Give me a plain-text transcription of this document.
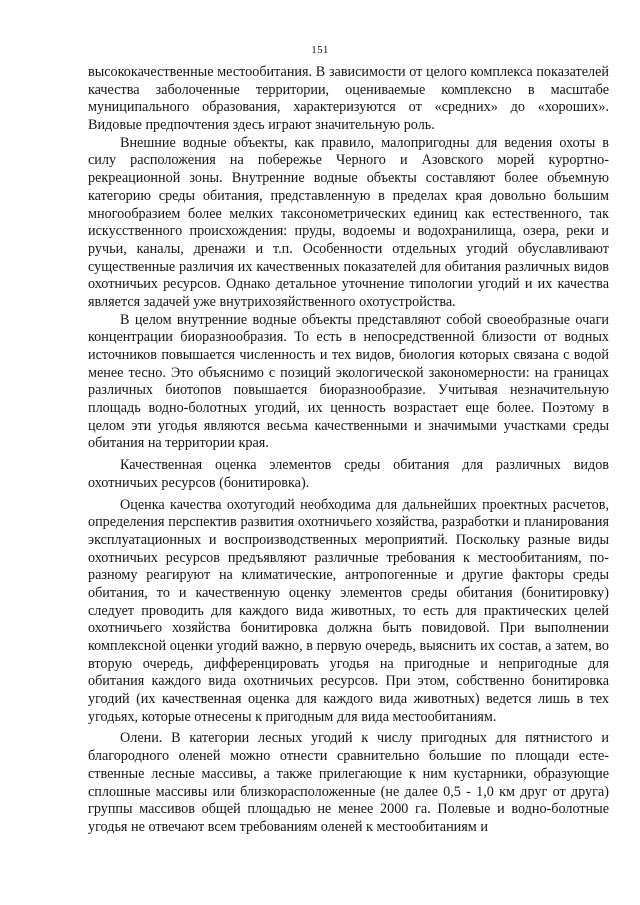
151

высококачественные местообитания. В зависимости от целого комплекса показателей качества заболоченные территории, оцениваемые комплексно в масштабе муниципального образования, характеризуются от «средних» до «хороших». Видовые предпочтения здесь играют значительную роль.

Внешние водные объекты, как правило, малопригодны для ведения охоты в силу расположения на побережье Черного и Азовского морей курортно-рекреационной зоны. Внутренние водные объекты составляют более объемную категорию среды обитания, представленную в пределах края довольно большим многообразием более мелких таксонометрических единиц как естественного, так искусственного происхождения: пруды, водоемы и водохранилища, озера, реки и ручьи, каналы, дренажи и т.п. Особенности отдельных угодий обуславливают существенные различия их качественных показателей для обитания различных видов охотничьих ресурсов. Однако детальное уточнение типологии угодий и их качества является задачей уже внутрихозяйственного охотустройства.

В целом внутренние водные объекты представляют собой своеобразные очаги концентрации биоразнообразия. То есть в непосредственной близости от водных источников повышается численность и тех видов, биология которых связана с водой менее тесно. Это объяснимо с позиций экологической закономерности: на границах различных биотопов повышается биоразнообразие. Учитывая незначительную площадь водно-болотных угодий, их ценность возрастает еще более. Поэтому в целом эти угодья являются весьма качественными и значимыми участками среды обитания на территории края.

Качественная оценка элементов среды обитания для различных видов охотничьих ресурсов (бонитировка).

Оценка качества охотугодий необходима для дальнейших проектных расчетов, определения перспектив развития охотничьего хозяйства, разработки и планирования эксплуатационных и воспроизводственных мероприятий. Поскольку разные виды охотничьих ресурсов предъявляют различные требования к местообитаниям, по-разному реагируют на климатические, антропогенные и другие факторы среды обитания, то и качественную оценку элементов среды обитания (бонитировку) следует проводить для каждого вида животных, то есть для практических целей охотничьего хозяйства бонитировка должна быть повидовой. При выполнении комплексной оценки угодий важно, в первую очередь, выяснить их состав, а затем, во вторую очередь, дифференцировать угодья на пригодные и непригодные для обитания каждого вида охотничьих ресурсов. При этом, собственно бонитировка угодий (их качественная оценка для каждого вида животных) ведется лишь в тех угодьях, которые отнесены к пригодным для вида местообитаниям.

Олени. В категории лесных угодий к числу пригодных для пятнистого и благородного оленей можно отнести сравнительно большие по площади естественные лесные массивы, а также прилегающие к ним кустарники, образующие сплошные массивы или близкорасположенные (не далее 0,5 - 1,0 км друг от друга) группы массивов общей площадью не менее 2000 га. Полевые и водно-болотные угодья не отвечают всем требованиям оленей к местообитаниям и
